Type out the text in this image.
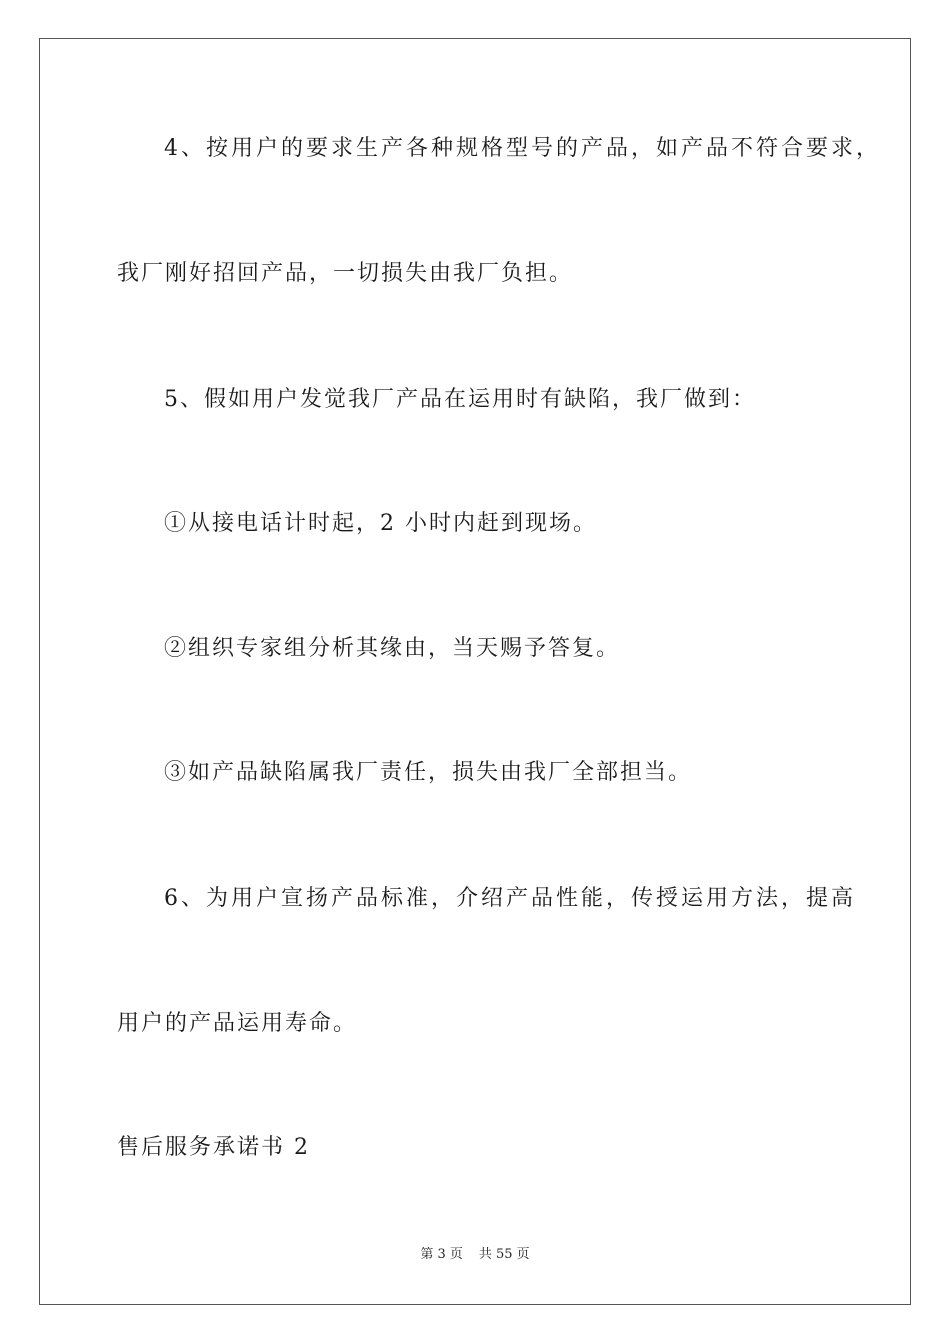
4、按用户的要求生产各种规格型号的产品，如产品不符合要求，
我厂刚好招回产品，一切损失由我厂负担。
5、假如用户发觉我厂产品在运用时有缺陷，我厂做到：
①从接电话计时起，2 小时内赶到现场。
②组织专家组分析其缘由，当天赐予答复。
③如产品缺陷属我厂责任，损失由我厂全部担当。
6、为用户宣扬产品标准，介绍产品性能，传授运用方法，提高
用户的产品运用寿命。
售后服务承诺书 2
第 3 页 共 55 页
